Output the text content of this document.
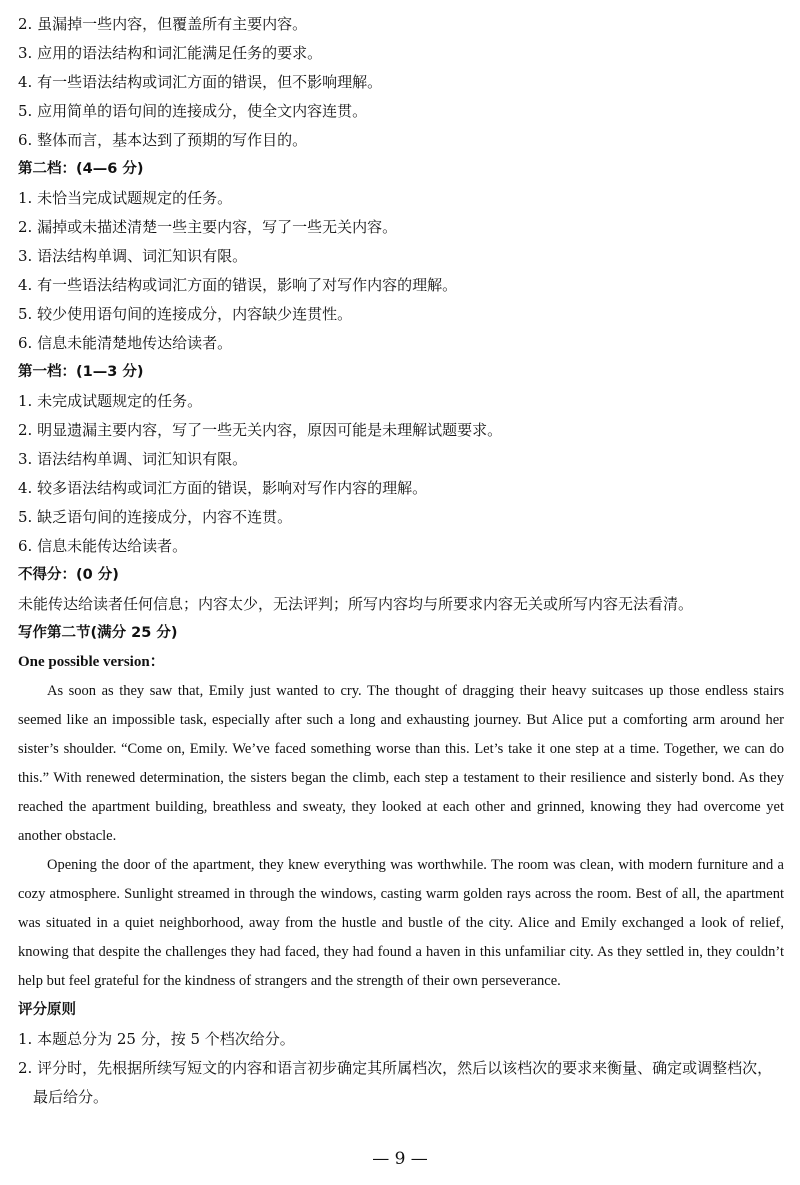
2. 虽漏掉一些内容，但覆盖所有主要内容。
3. 应用的语法结构和词汇能满足任务的要求。
4. 有一些语法结构或词汇方面的错误，但不影响理解。
5. 应用简单的语句间的连接成分，使全文内容连贯。
6. 整体而言，基本达到了预期的写作目的。
第二档：(4—6 分)
1. 未恰当完成试题规定的任务。
2. 漏掉或未描述清楚一些主要内容，写了一些无关内容。
3. 语法结构单调、词汇知识有限。
4. 有一些语法结构或词汇方面的错误，影响了对写作内容的理解。
5. 较少使用语句间的连接成分，内容缺少连贯性。
6. 信息未能清楚地传达给读者。
第一档：(1—3 分)
1. 未完成试题规定的任务。
2. 明显遗漏主要内容，写了一些无关内容，原因可能是未理解试题要求。
3. 语法结构单调、词汇知识有限。
4. 较多语法结构或词汇方面的错误，影响对写作内容的理解。
5. 缺乏语句间的连接成分，内容不连贯。
6. 信息未能传达给读者。
不得分：(0 分)
未能传达给读者任何信息；内容太少，无法评判；所写内容均与所要求内容无关或所写内容无法看清。
写作第二节(满分 25 分)
One possible version：

As soon as they saw that, Emily just wanted to cry. The thought of dragging their heavy suitcases up those endless stairs seemed like an impossible task, especially after such a long and exhausting journey. But Alice put a comforting arm around her sister’s shoulder. “Come on, Emily. We’ve faced something worse than this. Let’s take it one step at a time. Together, we can do this.” With renewed determination, the sisters began the climb, each step a testament to their resilience and sisterly bond. As they reached the apartment building, breathless and sweaty, they looked at each other and grinned, knowing they had overcome yet another obstacle.

Opening the door of the apartment, they knew everything was worthwhile. The room was clean, with modern furniture and a cozy atmosphere. Sunlight streamed in through the windows, casting warm golden rays across the room. Best of all, the apartment was situated in a quiet neighborhood, away from the hustle and bustle of the city. Alice and Emily exchanged a look of relief, knowing that despite the challenges they had faced, they had found a haven in this unfamiliar city. As they settled in, they couldn’t help but feel grateful for the kindness of strangers and the strength of their own perseverance.

评分原则
1. 本题总分为 25 分，按 5 个档次给分。
2. 评分时，先根据所续写短文的内容和语言初步确定其所属档次，然后以该档次的要求来衡量、确定或调整档次，
最后给分。
— 9 —
